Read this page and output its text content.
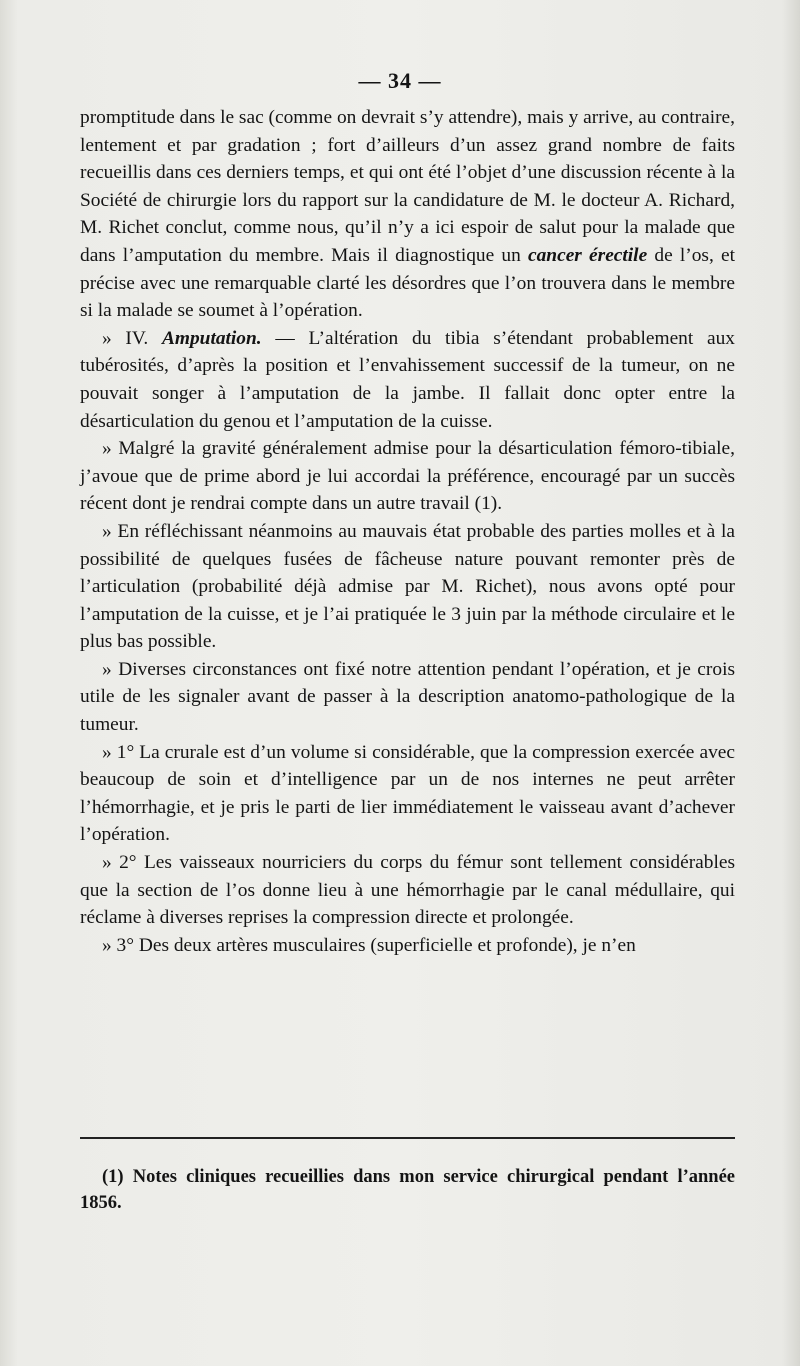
— 34 —

promptitude dans le sac (comme on devrait s’y attendre), mais y arrive, au contraire, lentement et par gradation ; fort d’ailleurs d’un assez grand nombre de faits recueillis dans ces derniers temps, et qui ont été l’objet d’une discussion récente à la Société de chirurgie lors du rapport sur la candidature de M. le docteur A. Richard, M. Richet conclut, comme nous, qu’il n’y a ici espoir de salut pour la malade que dans l’amputation du membre. Mais il diagnostique un cancer érectile de l’os, et précise avec une remarquable clarté les désordres que l’on trouvera dans le membre si la malade se soumet à l’opération.

» IV. Amputation. — L’altération du tibia s’étendant probablement aux tubérosités, d’après la position et l’envahissement successif de la tumeur, on ne pouvait songer à l’amputation de la jambe. Il fallait donc opter entre la désarticulation du genou et l’amputation de la cuisse.

» Malgré la gravité généralement admise pour la désarticulation fémoro-tibiale, j’avoue que de prime abord je lui accordai la préférence, encouragé par un succès récent dont je rendrai compte dans un autre travail (1).

» En réfléchissant néanmoins au mauvais état probable des parties molles et à la possibilité de quelques fusées de fâcheuse nature pouvant remonter près de l’articulation (probabilité déjà admise par M. Richet), nous avons opté pour l’amputation de la cuisse, et je l’ai pratiquée le 3 juin par la méthode circulaire et le plus bas possible.

» Diverses circonstances ont fixé notre attention pendant l’opération, et je crois utile de les signaler avant de passer à la description anatomo-pathologique de la tumeur.

» 1° La crurale est d’un volume si considérable, que la compression exercée avec beaucoup de soin et d’intelligence par un de nos internes ne peut arrêter l’hémorrhagie, et je pris le parti de lier immédiatement le vaisseau avant d’achever l’opération.

» 2° Les vaisseaux nourriciers du corps du fémur sont tellement considérables que la section de l’os donne lieu à une hémorrhagie par le canal médullaire, qui réclame à diverses reprises la compression directe et prolongée.

» 3° Des deux artères musculaires (superficielle et profonde), je n’en

(1) Notes cliniques recueillies dans mon service chirurgical pendant l’année 1856.
